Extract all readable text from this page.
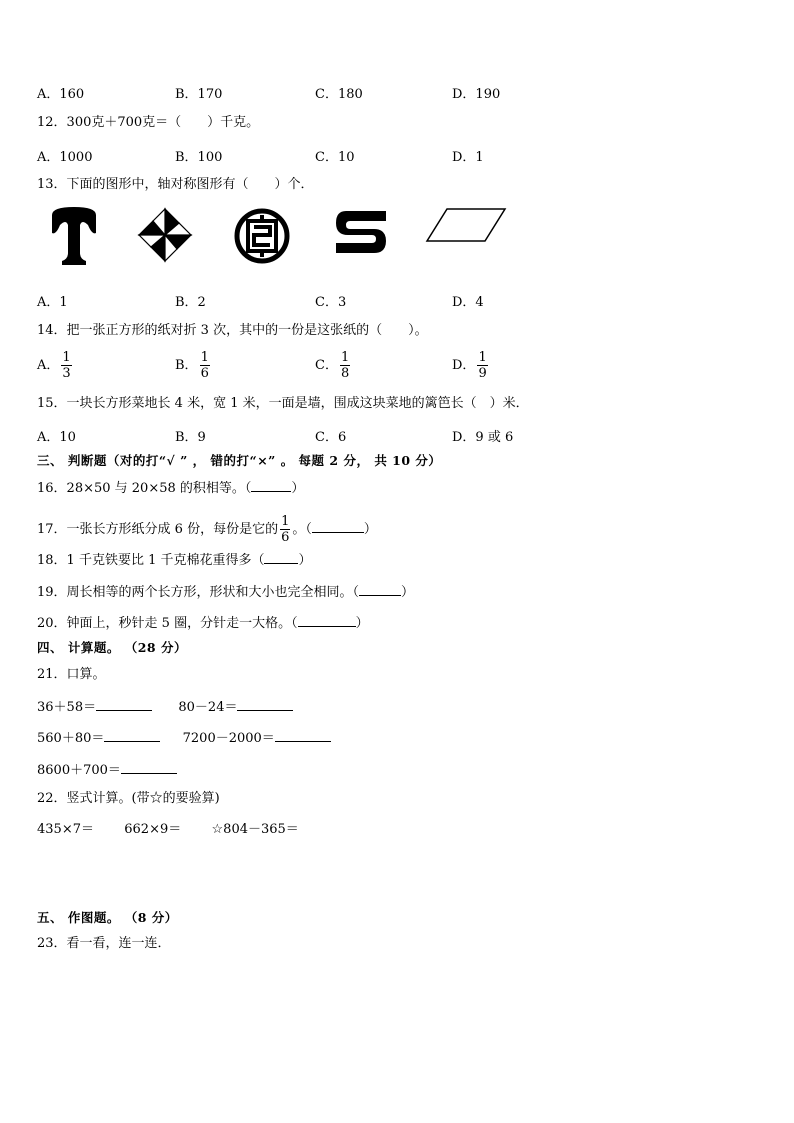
A．160	B．170	C．180	D．190
12．300克＋700克＝（　　）千克。
A．1000	B．100	C．10	D．1
13．下面的图形中，轴对称图形有（　　）个．
A．1	B．2	C．3	D．4
14．把一张正方形的纸对折 3 次，其中的一份是这张纸的（　　）。
A． $\frac{1}{3}$	B． $\frac{1}{6}$	C． $\frac{1}{8}$	D． $\frac{1}{9}$
15．一块长方形菜地长 4 米，宽 1 米，一面是墙，围成这块菜地的篱笆长（　）米．
A．10	B．9	C．6	D．9 或 6
三、 判断题（对的打“√ ” ， 错的打“×” 。 每题 2 分， 共 10 分）
16．28×50 与 20×58 的积相等。（	）
17．一张长方形纸分成 6 份，每份是它的 $\frac{1}{6}$ 。（	）
18．1 千克铁要比 1 千克棉花重得多（	）
19．周长相等的两个长方形，形状和大小也完全相同。（	）
20．钟面上，秒针走 5 圈，分针走一大格。（	）
四、 计算题。 （28 分）
21．口算。
36＋58＝	80－24＝
560＋80＝	7200－2000＝
8600＋700＝
22．竖式计算。(带☆的要验算)
435×7＝ 662×9＝ ☆804－365＝
五、 作图题。 （8 分）
23．看一看，连一连．
